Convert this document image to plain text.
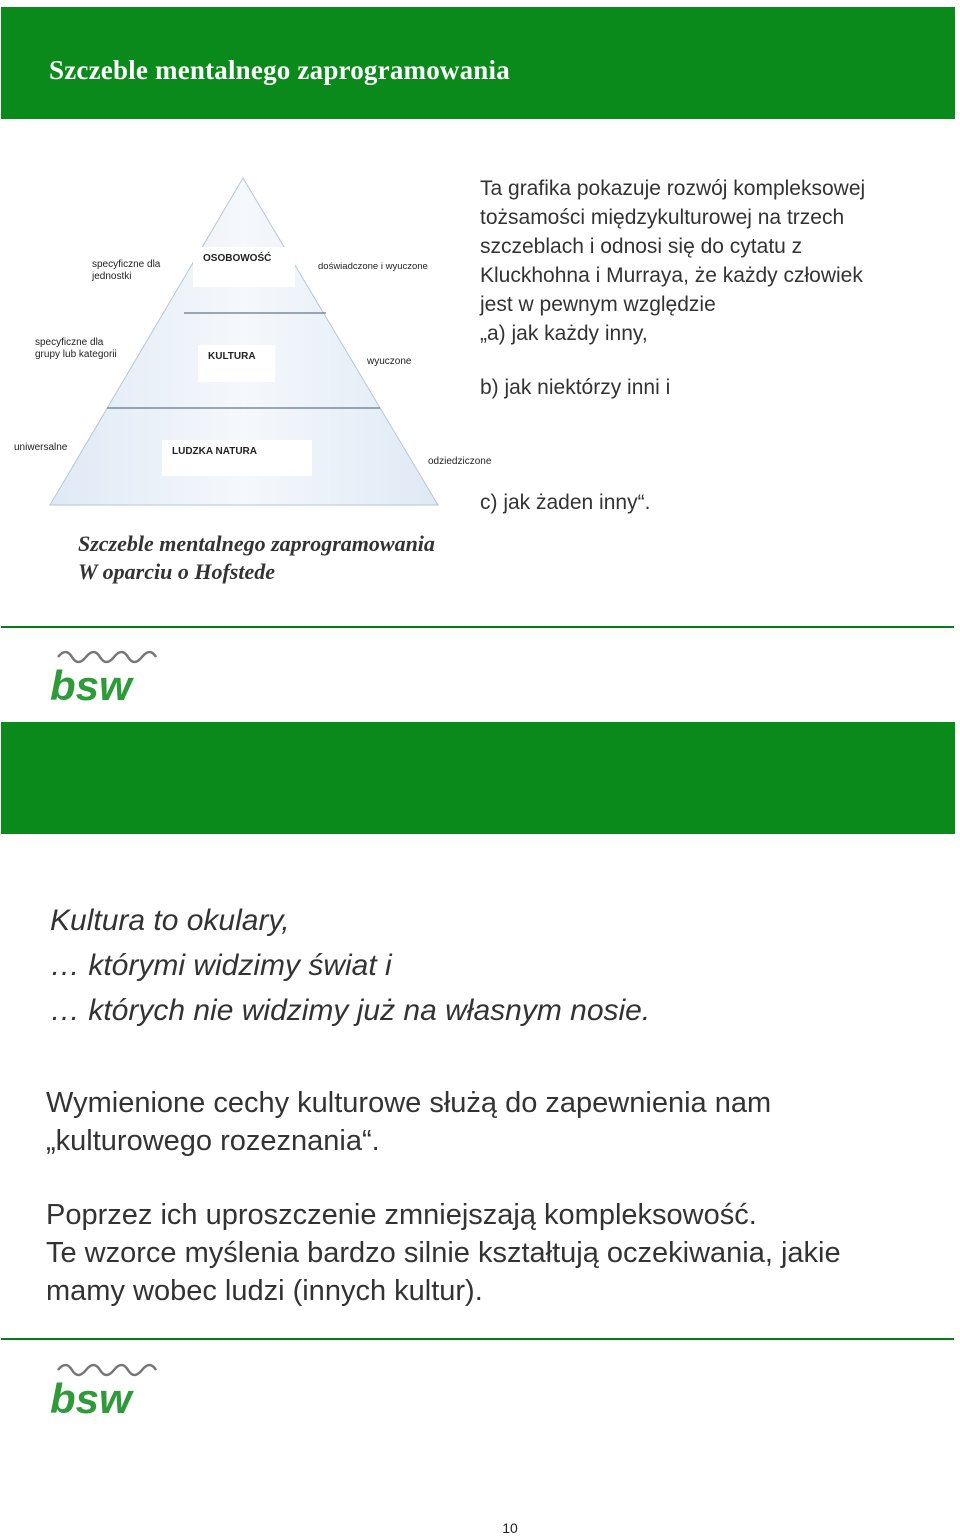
Szczeble mentalnego zaprogramowania
OSOBOWOŚĆ
KULTURA
LUDZKA NATURA
specyficzne dla jednostki
doświadczone i wyuczone
specyficzne dla grupy lub kategorii
wyuczone
uniwersalne
odziedziczone
Szczeble mentalnego zaprogramowania
W oparciu o Hofstede
Ta grafika pokazuje rozwój kompleksowej
tożsamości międzykulturowej na trzech
szczeblach i odnosi się do cytatu z
Kluckhohna i Murraya, że każdy człowiek
jest w pewnym względzie
„a) jak każdy inny,
b) jak niektórzy inni i
c) jak żaden inny“.
bsw
Kultura to okulary,
… którymi widzimy świat i
… których nie widzimy już na własnym nosie.
Wymienione cechy kulturowe służą do zapewnienia nam
„kulturowego rozeznania“.
Poprzez ich uproszczenie zmniejszają kompleksowość.
Te wzorce myślenia bardzo silnie kształtują oczekiwania, jakie
mamy wobec ludzi (innych kultur).
bsw
10
